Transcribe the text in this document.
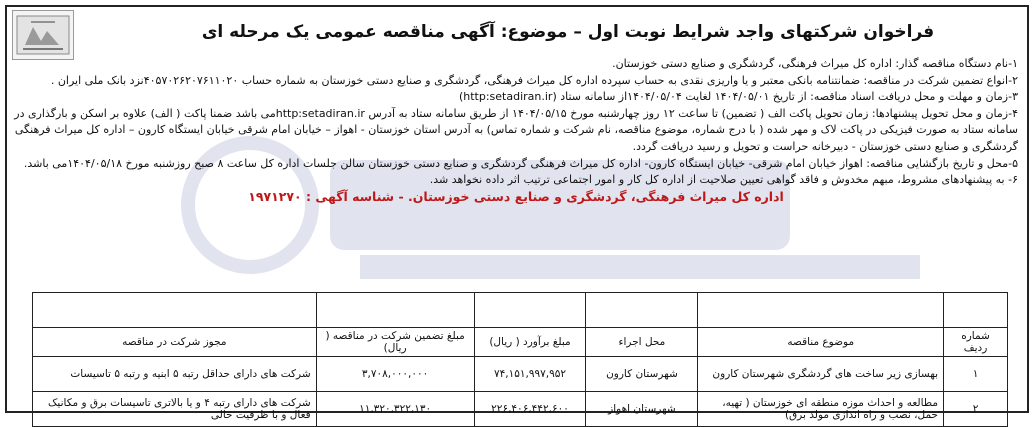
فراخوان شرکتهای واجد شرایط نوبت اول – موضوع: آگهی مناقصه عمومی یک مرحله ای

۱-نام دستگاه مناقصه گذار: اداره کل میراث فرهنگی، گردشگری و صنایع دستی خوزستان.

۲-انواع تضمین شرکت در مناقصه: ضمانتنامه بانکی معتبر و یا واریزی نقدی به حساب سپرده اداره کل میراث فرهنگی، گردشگری و صنایع دستی خوزستان به شماره حساب ۴۰۵۷۰۲۶۲۰۷۶۱۱۰۲۰نزد بانک ملی ایران .

۳-زمان و مهلت و محل دریافت اسناد مناقصه: از تاریخ ۱۴۰۴/۰۵/۰۱ لغایت ۱۴۰۴/۰۵/۰۴از سامانه ستاد (http:setadiran.ir)

۴-زمان و محل تحویل پیشنهادها: زمان تحویل پاکت الف ( تضمین) تا ساعت ۱۲ روز چهارشنبه مورخ ۱۴۰۴/۰۵/۱۵ از طریق سامانه ستاد به آدرس http:setadiran.irمی باشد ضمنا پاکت ( الف) علاوه بر اسکن و بارگذاری در سامانه ستاد به صورت فیزیکی در پاکت لاک و مهر شده ( با درج شماره، موضوع مناقصه، نام شرکت و شماره تماس) به آدرس استان خوزستان - اهواز – خیابان امام شرقی خیابان ایستگاه کارون – اداره کل میراث فرهنگی گردشگری و صنایع دستی خوزستان - دبیرخانه حراست و تحویل و رسید دریافت گردد.

۵-محل و تاریخ بازگشایی مناقصه: اهواز خیابان امام شرقی- خیابان ایستگاه کارون- اداره کل میراث فرهنگی گردشگری و صنایع دستی خوزستان سالن جلسات اداره کل ساعت ۸ صبح روزشنبه مورخ ۱۴۰۴/۰۵/۱۸می باشد.

۶- به پیشنهادهای مشروط، مبهم مخدوش و فاقد گواهی تعیین صلاحیت از اداره کل کار و امور اجتماعی ترتیب اثر داده نخواهد شد.

اداره کل میراث فرهنگی، گردشگری و صنایع دستی خوزستان. - شناسه آگهی : ۱۹۷۱۲۷۰

شماره ردیف	موضوع مناقصه	محل اجراء	مبلغ برآورد ( ریال)	مبلغ تضمین شرکت در مناقصه ( ریال)	مجوز شرکت در مناقصه
۱	بهسازی زیر ساخت های گردشگری شهرستان کارون	شهرستان کارون	۷۴,۱۵۱,۹۹۷,۹۵۲	۳,۷۰۸,۰۰۰,۰۰۰	شرکت های دارای حداقل رتبه ۵ ابنیه و رتبه ۵ تاسیسات
۲	مطالعه و احداث موزه منطقه ای خوزستان ( تهیه، حمل، نصب و راه اندازی مولد برق)	شهرستان اهواز	۲۲۶,۴۰۶,۴۴۲,۶۰۰	۱۱,۳۲۰,۳۲۲,۱۳۰	شرکت های دارای رتبه ۴ و یا بالاتری تاسیسات برق و مکانیک فعال و با ظرفیت خالی
